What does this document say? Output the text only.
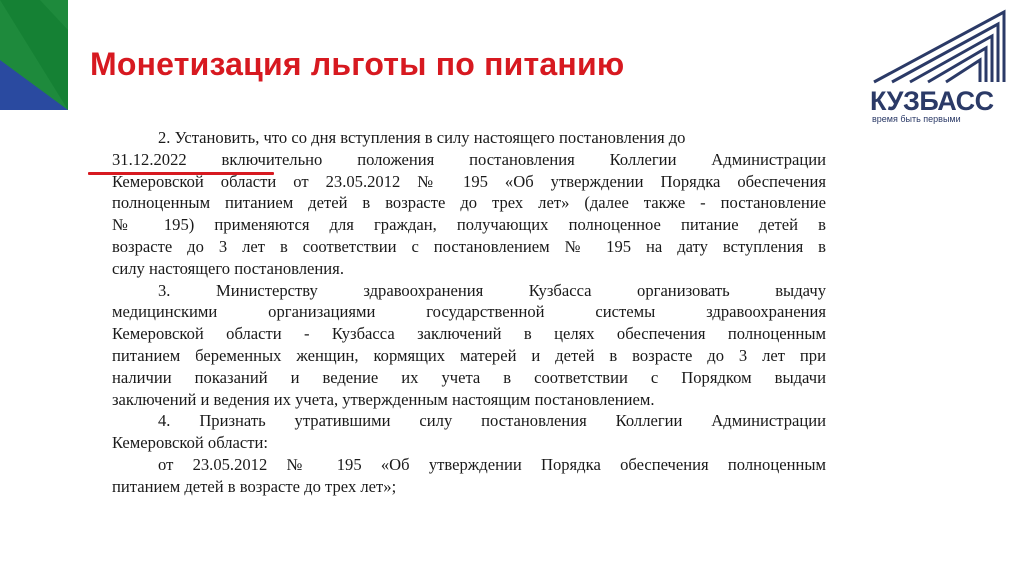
Монетизация льготы по питанию
КУЗБАСС
время быть первыми
2. Установить, что со дня вступления в силу настоящего постановления до
31.12.2022 включительно положения постановления Коллегии Администрации
Кемеровской области от 23.05.2012 № 195 «Об утверждении Порядка обеспечения
полноценным питанием детей в возрасте до трех лет» (далее также - постановление
№ 195) применяются для граждан, получающих полноценное питание детей в
возрасте до 3 лет в соответствии с постановлением № 195 на дату вступления в
силу настоящего постановления.
3. Министерству здравоохранения Кузбасса организовать выдачу
медицинскими организациями государственной системы здравоохранения
Кемеровской области - Кузбасса заключений в целях обеспечения полноценным
питанием беременных женщин, кормящих матерей и детей в возрасте до 3 лет при
наличии показаний и ведение их учета в соответствии с Порядком выдачи
заключений и ведения их учета, утвержденным настоящим постановлением.
4. Признать утратившими силу постановления Коллегии Администрации
Кемеровской области:
от 23.05.2012 № 195 «Об утверждении Порядка обеспечения полноценным
питанием детей в возрасте до трех лет»;
